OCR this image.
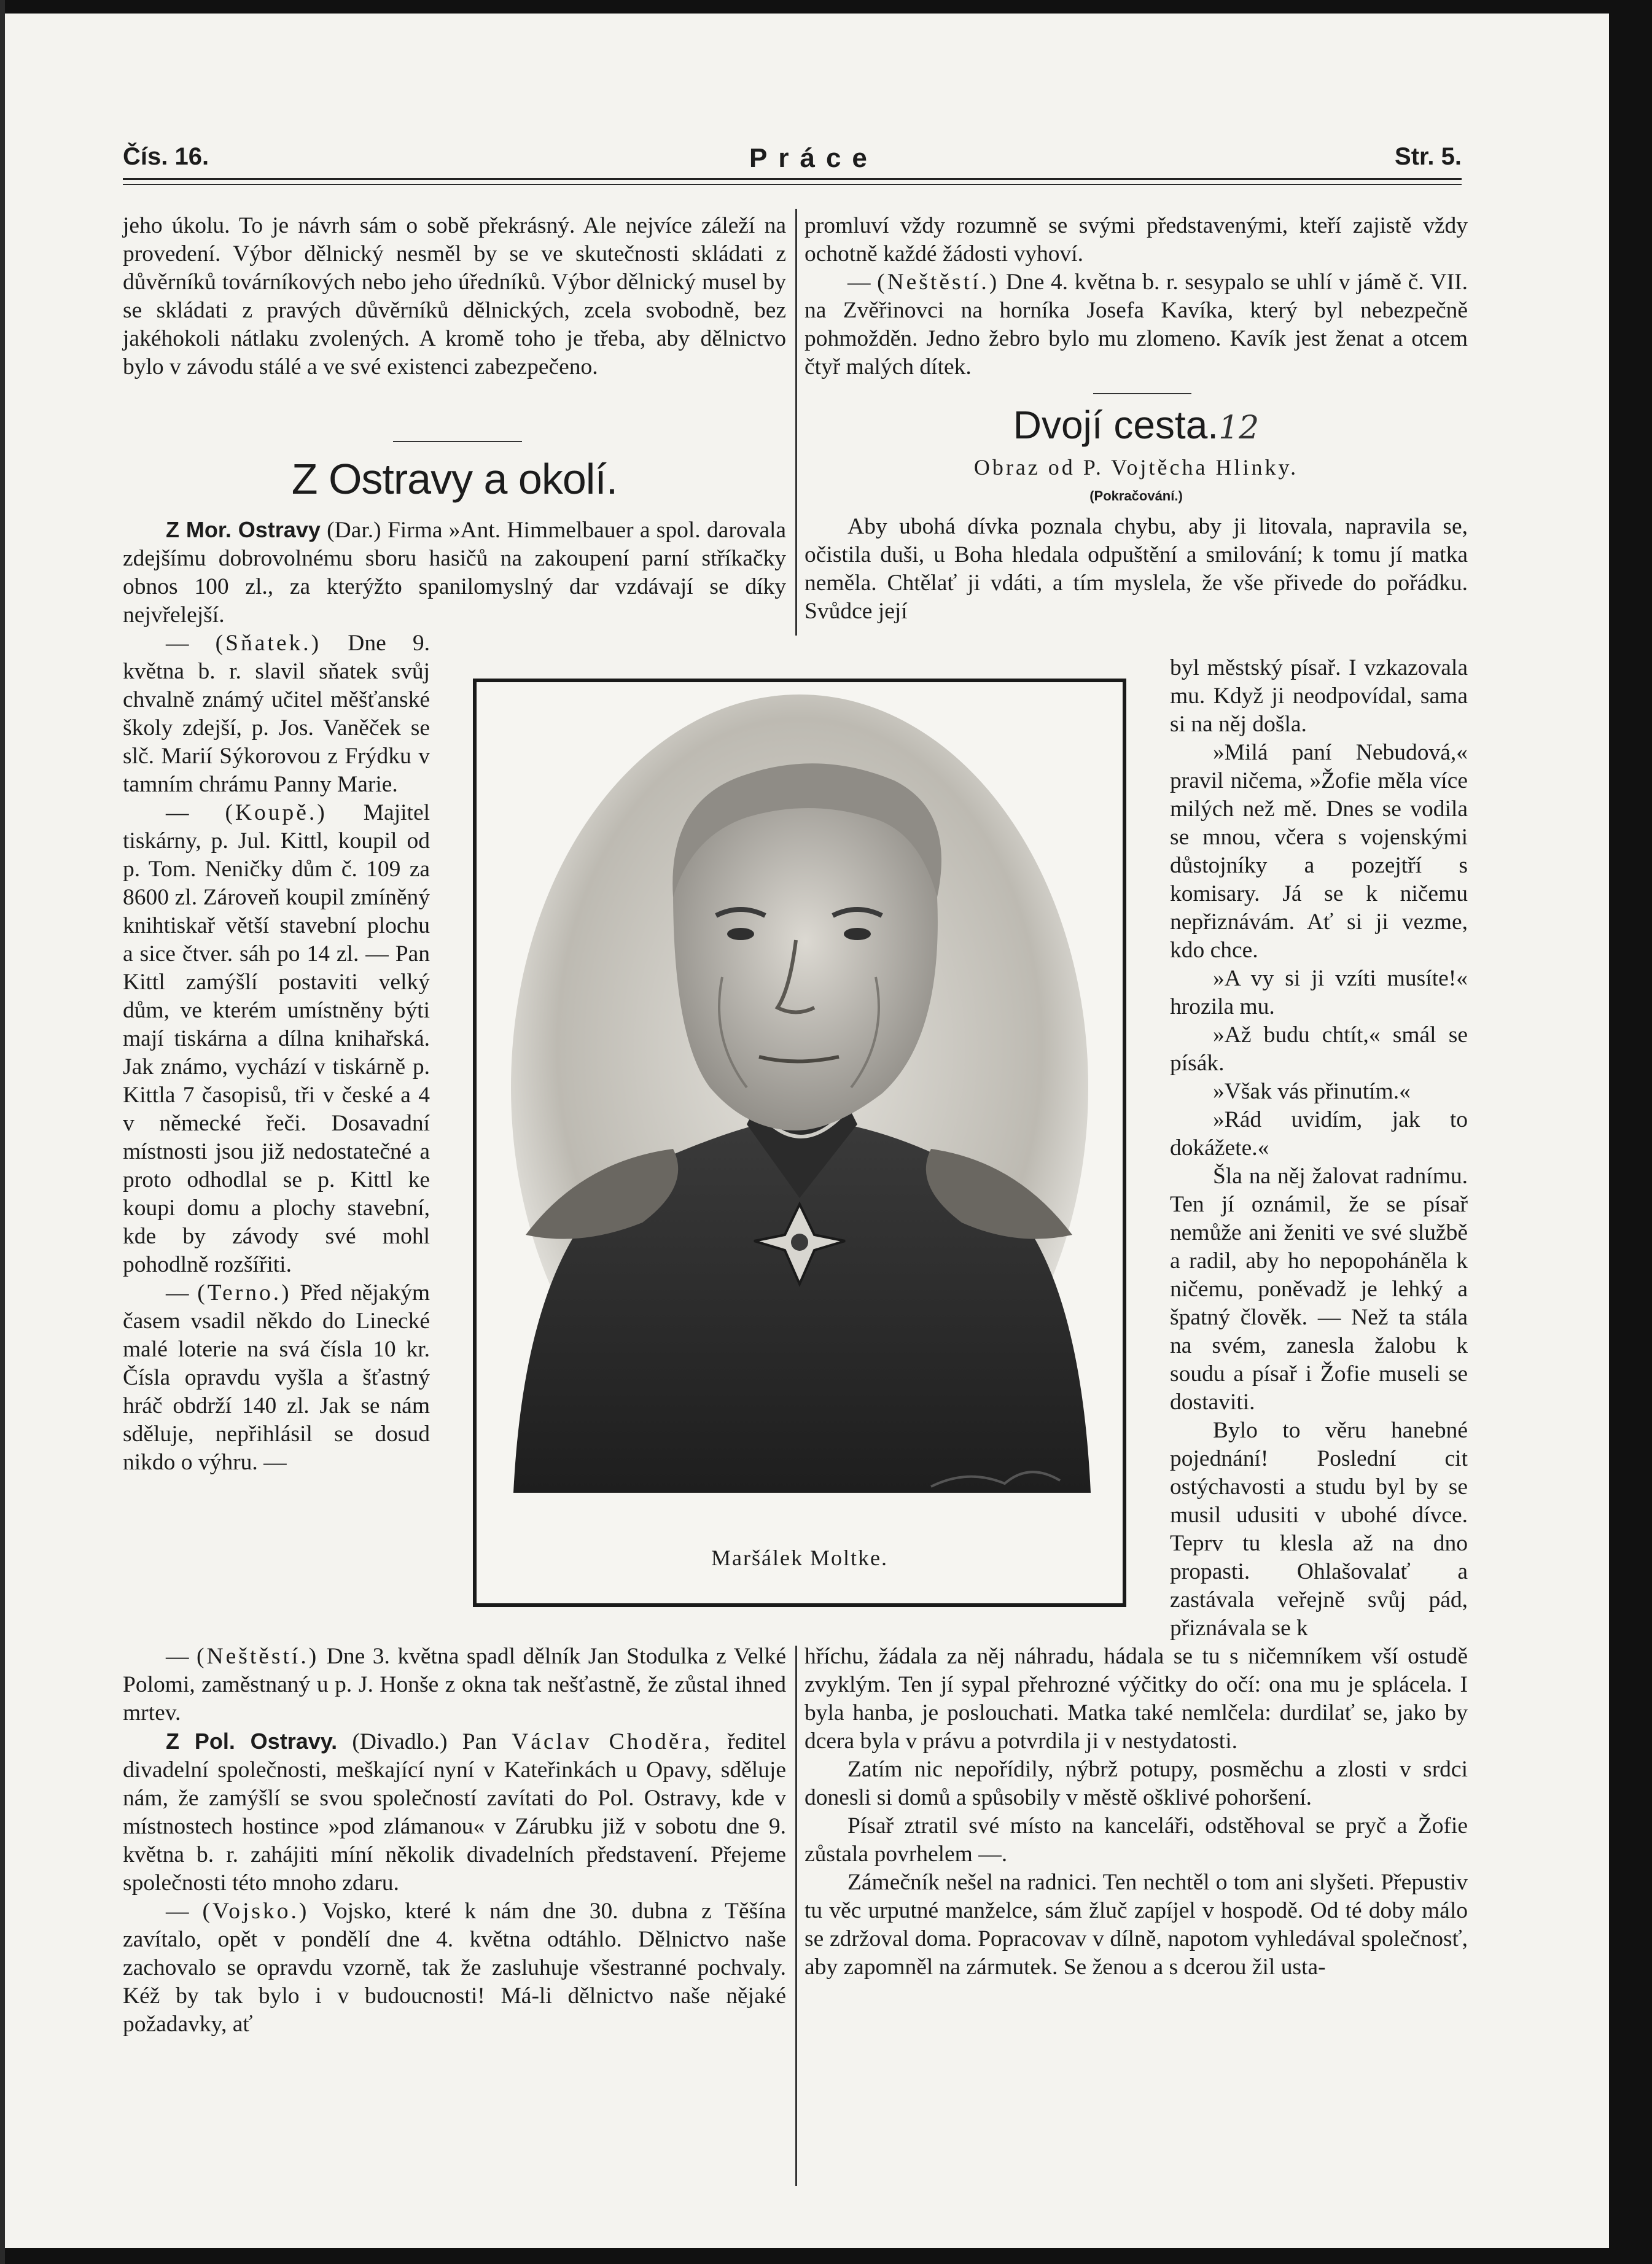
Čís. 16.	Práce	Str. 5.

jeho úkolu. To je návrh sám o sobě překrásný. Ale nejvíce záleží na provedení. Výbor dělnický nesměl by se ve skutečnosti skládati z důvěrníků továrníkových nebo jeho úředníků. Výbor dělnický musel by se skládati z pravých důvěrníků dělnických, zcela svobodně, bez jakéhokoli nátlaku zvolených. A kromě toho je třeba, aby dělnictvo bylo v závodu stálé a ve své existenci zabezpečeno.

Z Ostravy a okolí.

Z Mor. Ostravy (Dar.) Firma »Ant. Himmelbauer a spol. darovala zdejšímu dobrovolnému sboru hasičů na zakoupení parní stříkačky obnos 100 zl., za kterýžto spanilomyslný dar vzdávají se díky nejvřelejší.

— (Sňatek.) Dne 9. května b. r. slavil sňatek svůj chvalně známý učitel měšťanské školy zdejší, p. Jos. Vaněček se slč. Marií Sýkorovou z Frýdku v tamním chrámu Panny Marie.

— (Koupě.) Majitel tiskárny, p. Jul. Kittl, koupil od p. Tom. Neničky dům č. 109 za 8600 zl. Zároveň koupil zmíněný knihtiskař větší stavební plochu a sice čtver. sáh po 14 zl. — Pan Kittl zamýšlí postaviti velký dům, ve kterém umístněny býti mají tiskárna a dílna knihařská. Jak známo, vychází v tiskárně p. Kittla 7 časopisů, tři v české a 4 v německé řeči. Dosavadní místnosti jsou již nedostatečné a proto odhodlal se p. Kittl ke koupi domu a plochy stavební, kde by závody své mohl pohodlně rozšířiti.

— (Terno.) Před nějakým časem vsadil někdo do Linecké malé loterie na svá čísla 10 kr. Čísla opravdu vyšla a šťastný hráč obdrží 140 zl. Jak se nám sděluje, nepřihlásil se dosud nikdo o výhru. —

Maršálek Moltke.

promluví vždy rozumně se svými představenými, kteří zajistě vždy ochotně každé žádosti vyhoví.

— (Neštěstí.) Dne 4. května b. r. sesypalo se uhlí v jámě č. VII. na Zvěřinovci na horníka Josefa Kavíka, který byl nebezpečně pohmožděn. Jedno žebro bylo mu zlomeno. Kavík jest ženat a otcem čtyř malých dítek.

Dvojí cesta.12
Obraz od P. Vojtěcha Hlinky.
(Pokračování.)

Aby ubohá dívka poznala chybu, aby ji litovala, napravila se, očistila duši, u Boha hledala odpuštění a smilování; k tomu jí matka neměla. Chtělať ji vdáti, a tím myslela, že vše přivede do pořádku. Svůdce její

byl městský písař. I vzkazovala mu. Když ji neodpovídal, sama si na něj došla.

»Milá paní Nebudová,« pravil ničema, »Žofie měla více milých než mě. Dnes se vodila se mnou, včera s vojenskými důstojníky a pozejtří s komisary. Já se k ničemu nepřiznávám. Ať si ji vezme, kdo chce.

»A vy si ji vzíti musíte!« hrozila mu.

»Až budu chtít,« smál se písák.

»Však vás přinutím.«

»Rád uvidím, jak to dokážete.«

Šla na něj žalovat radnímu. Ten jí oznámil, že se písař nemůže ani ženiti ve své službě a radil, aby ho nepopoháněla k ničemu, poněvadž je lehký a špatný člověk. — Než ta stála na svém, zanesla žalobu k soudu a písař i Žofie museli se dostaviti.

Bylo to věru hanebné pojednání! Poslední cit ostýchavosti a studu byl by se musil udusiti v ubohé dívce. Teprv tu klesla až na dno propasti. Ohlašovalať a zastávala veřejně svůj pád, přiznávala se k

— (Neštěstí.) Dne 3. května spadl dělník Jan Stodulka z Velké Polomi, zaměstnaný u p. J. Honše z okna tak nešťastně, že zůstal ihned mrtev.

Z Pol. Ostravy. (Divadlo.) Pan Václav Choděra, ředitel divadelní společnosti, meškající nyní v Kateřinkách u Opavy, sděluje nám, že zamýšlí se svou společností zavítati do Pol. Ostravy, kde v místnostech hostince »pod zlámanou« v Zárubku již v sobotu dne 9. května b. r. zahájiti míní několik divadelních představení. Přejeme společnosti této mnoho zdaru.

— (Vojsko.) Vojsko, které k nám dne 30. dubna z Těšína zavítalo, opět v pondělí dne 4. května odtáhlo. Dělnictvo naše zachovalo se opravdu vzorně, tak že zasluhuje všestranné pochvaly. Kéž by tak bylo i v budoucnosti! Má-li dělnictvo naše nějaké požadavky, ať

hříchu, žádala za něj náhradu, hádala se tu s ničemníkem vší ostudě zvyklým. Ten jí sypal přehrozné výčitky do očí: ona mu je splácela. I byla hanba, je poslouchati. Matka také nemlčela: durdilať se, jako by dcera byla v právu a potvrdila ji v nestydatosti.

Zatím nic nepořídily, nýbrž potupy, posměchu a zlosti v srdci donesli si domů a spůsobily v městě ošklivé pohoršení.

Písař ztratil své místo na kanceláři, odstěhoval se pryč a Žofie zůstala povrhelem —.

Zámečník nešel na radnici. Ten nechtěl o tom ani slyšeti. Přepustiv tu věc urputné manželce, sám žluč zapíjel v hospodě. Od té doby málo se zdržoval doma. Popracovav v dílně, napotom vyhledával společnosť, aby zapomněl na zármutek. Se ženou a s dcerou žil usta-
